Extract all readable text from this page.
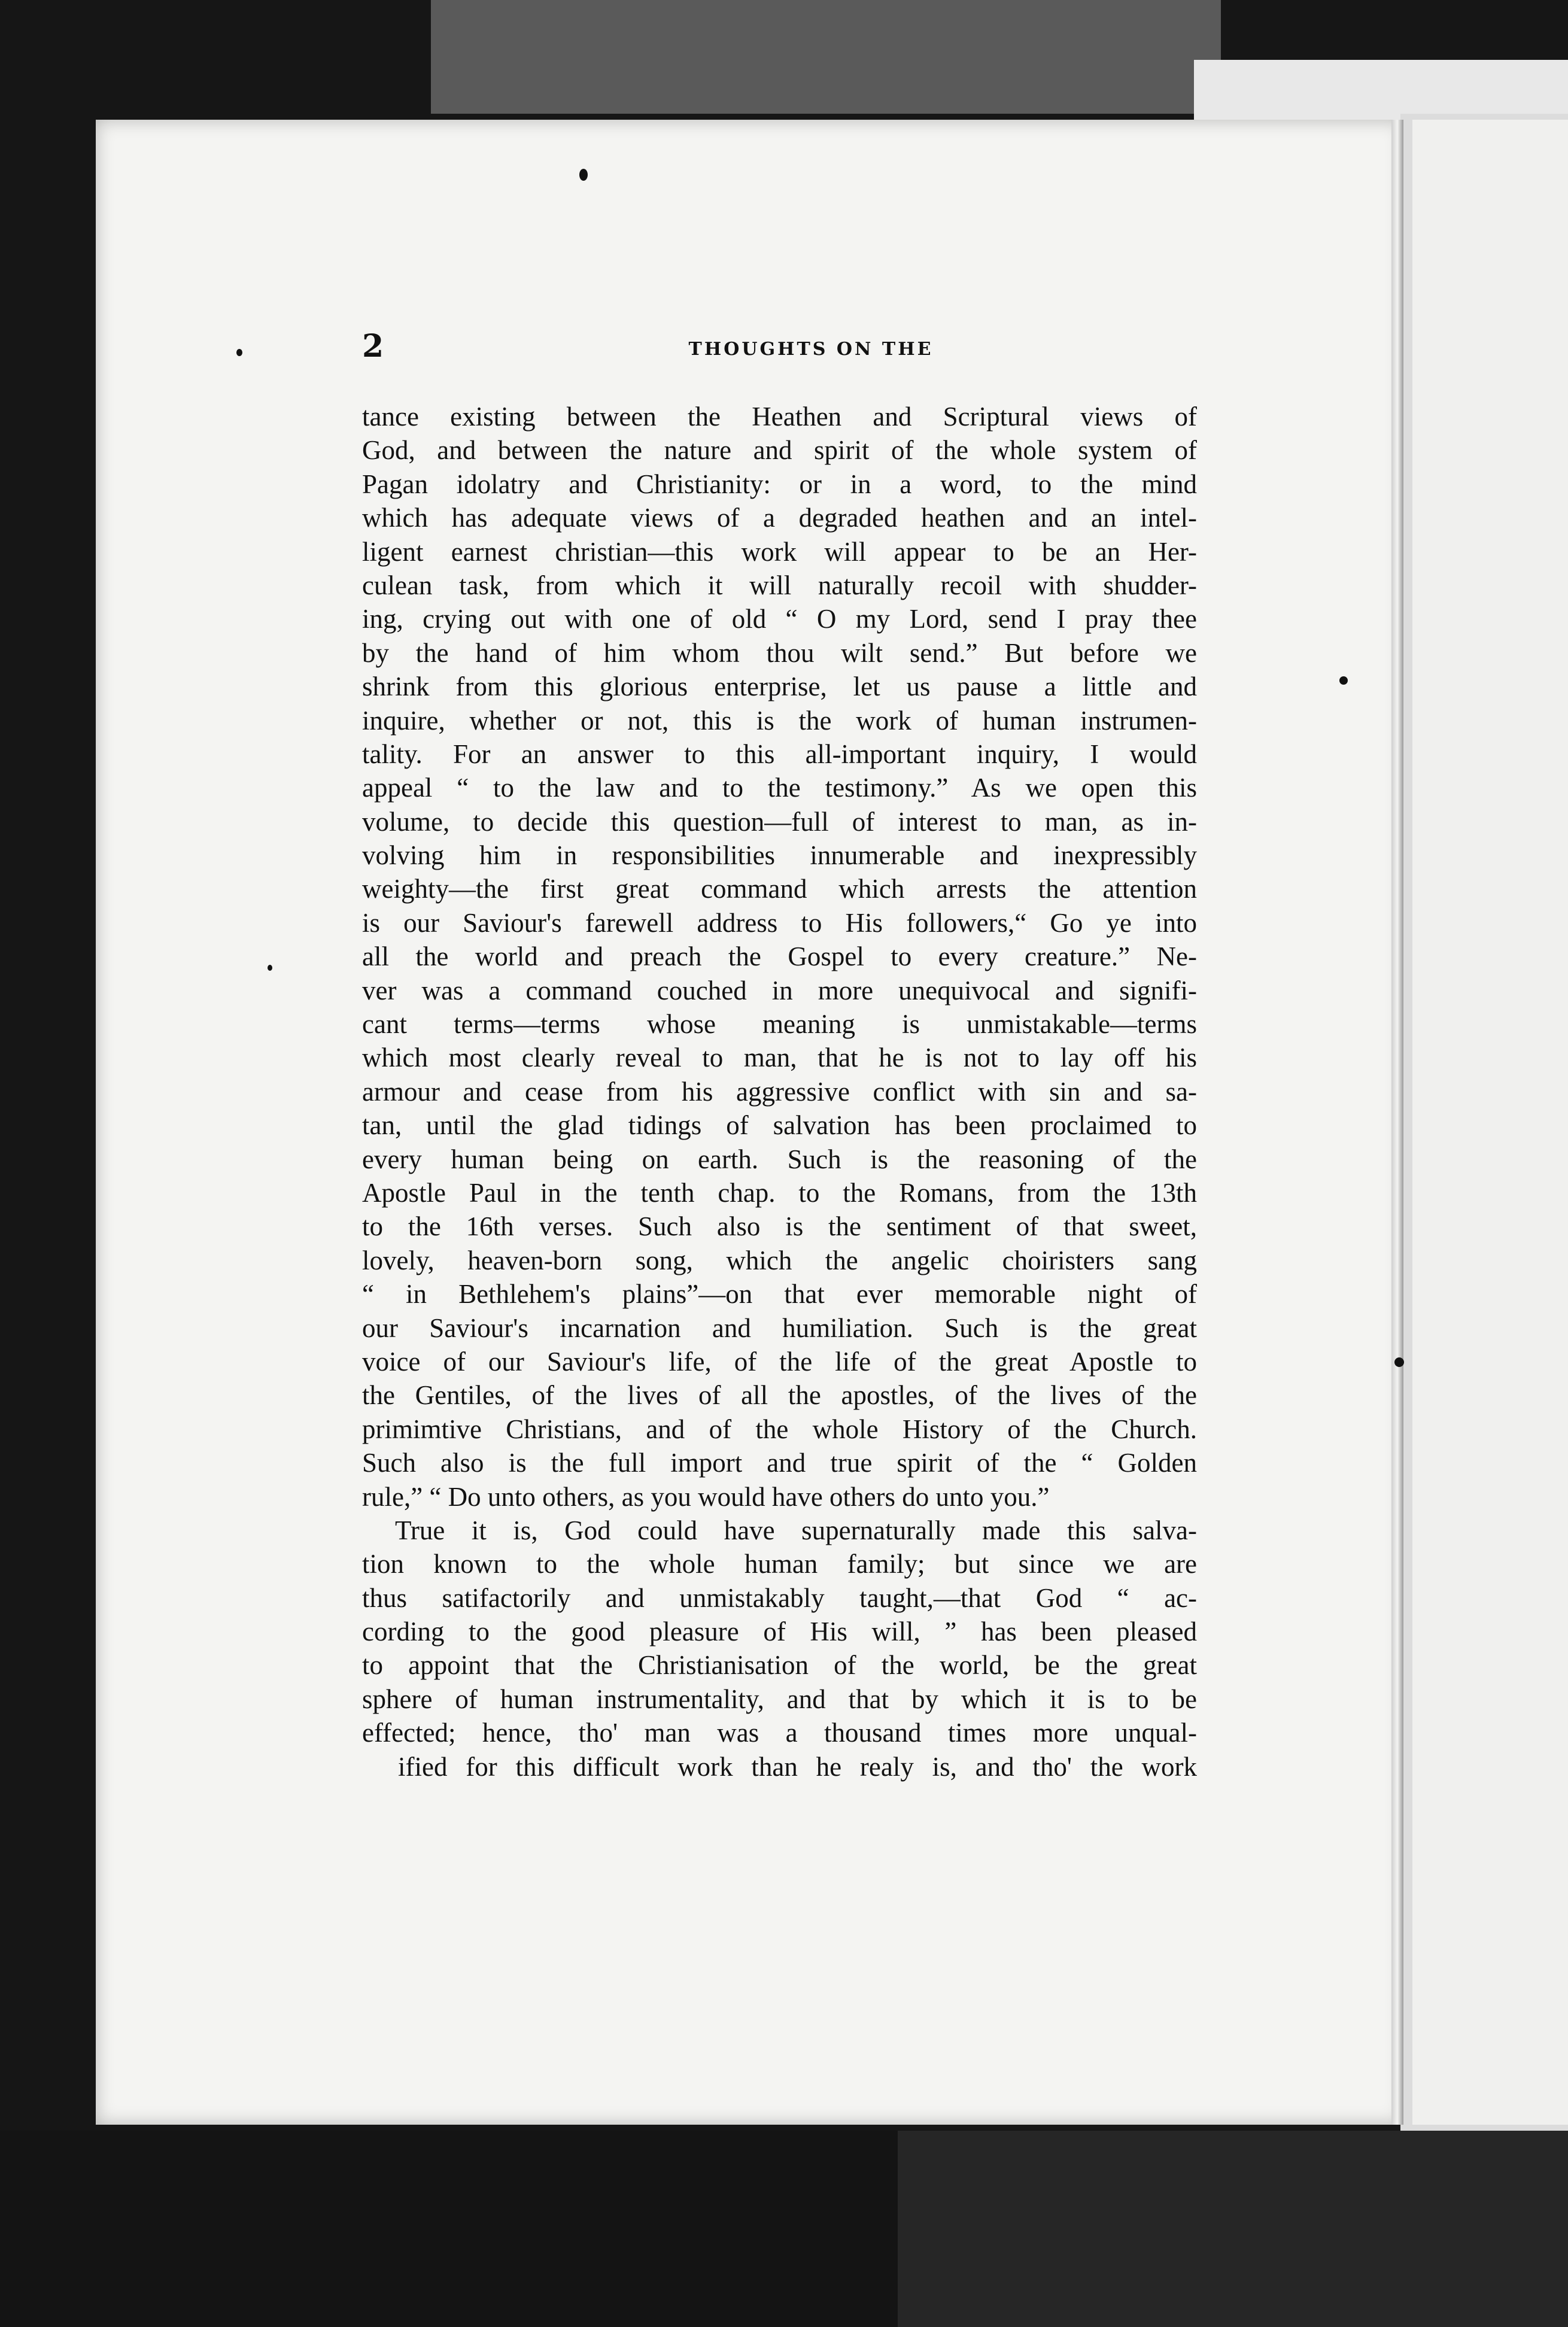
2	THOUGHTS ON THE
tance existing between the Heathen and Scriptural views of
God, and between the nature and spirit of the whole system of
Pagan idolatry and Christianity: or in a word, to the mind
which has adequate views of a degraded heathen and an intel-
ligent earnest christian—this work will appear to be an Her-
culean task, from which it will naturally recoil with shudder-
ing, crying out with one of old “ O my Lord, send I pray thee
by the hand of him whom thou wilt send.” But before we
shrink from this glorious enterprise, let us pause a little and
inquire, whether or not, this is the work of human instrumen-
tality. For an answer to this all-important inquiry, I would
appeal “ to the law and to the testimony.” As we open this
volume, to decide this question—full of interest to man, as in-
volving him in responsibilities innumerable and inexpressibly
weighty—the first great command which arrests the attention
is our Saviour's farewell address to His followers,“ Go ye into
all the world and preach the Gospel to every creature.” Ne-
ver was a command couched in more unequivocal and signifi-
cant terms—terms whose meaning is unmistakable—terms
which most clearly reveal to man, that he is not to lay off his
armour and cease from his aggressive conflict with sin and sa-
tan, until the glad tidings of salvation has been proclaimed to
every human being on earth. Such is the reasoning of the
Apostle Paul in the tenth chap. to the Romans, from the 13th
to the 16th verses. Such also is the sentiment of that sweet,
lovely, heaven-born song, which the angelic choiristers sang
“ in Bethlehem's plains”—on that ever memorable night of
our Saviour's incarnation and humiliation. Such is the great
voice of our Saviour's life, of the life of the great Apostle to
the Gentiles, of the lives of all the apostles, of the lives of the
primimtive Christians, and of the whole History of the Church.
Such also is the full import and true spirit of the “ Golden
rule,” “ Do unto others, as you would have others do unto you.”
True it is, God could have supernaturally made this salva-
tion known to the whole human family; but since we are
thus satifactorily and unmistakably taught,—that God “ ac-
cording to the good pleasure of His will, ” has been pleased
to appoint that the Christianisation of the world, be the great
sphere of human instrumentality, and that by which it is to be
effected; hence, tho' man was a thousand times more unqual-
ified for this difficult work than he realy is, and tho' the work
